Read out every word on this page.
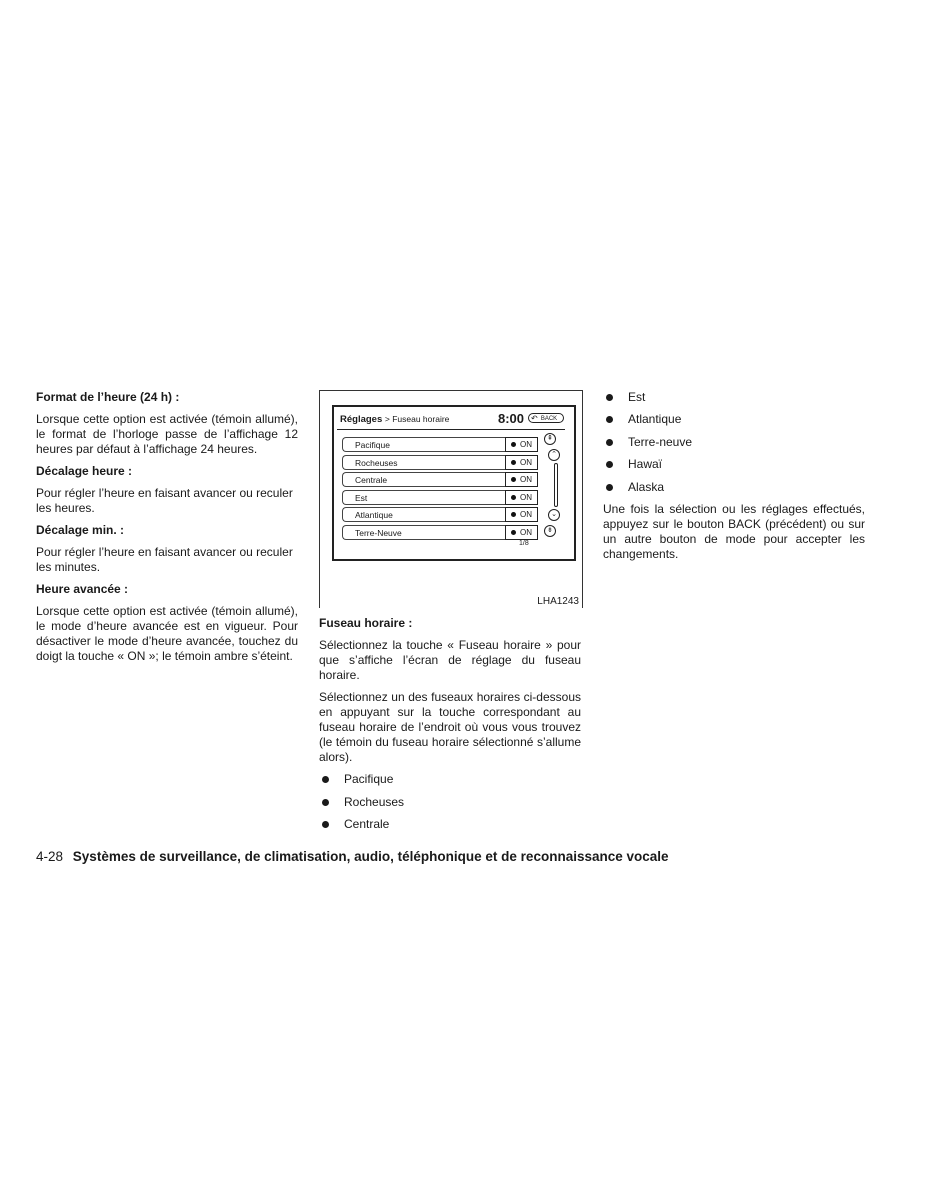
Format de l’heure (24 h) :

Lorsque cette option est activée (témoin allumé), le format de l’horloge passe de l’affichage 12 heures par défaut à l’affichage 24 heures.

Décalage heure :

Pour régler l’heure en faisant avancer ou reculer les heures.

Décalage min. :

Pour régler l’heure en faisant avancer ou reculer les minutes.

Heure avancée :

Lorsque cette option est activée (témoin allumé), le mode d’heure avancée est en vigueur. Pour désactiver le mode d’heure avancée, touchez du doigt la touche « ON »; le témoin ambre s’éteint.

Réglages > Fuseau horaire	8:00 ↶ BACK
Pacifique	ON
Rocheuses	ON
Centrale	ON
Est	ON
Atlantique	ON
Terre-Neuve	ON
1/8
⇞
⌃
⌄
⇟
LHA1243
Fuseau horaire :

Sélectionnez la touche « Fuseau horaire » pour que s’affiche l’écran de réglage du fuseau horaire.

Sélectionnez un des fuseaux horaires ci-dessous en appuyant sur la touche correspondant au fuseau horaire de l’endroit où vous vous trouvez (le témoin du fuseau horaire sélectionné s’allume alors).

Pacifique
Rocheuses
Centrale
Est
Atlantique
Terre-neuve
Hawaï
Alaska

Une fois la sélection ou les réglages effectués, appuyez sur le bouton BACK (précédent) ou sur un autre bouton de mode pour accepter les changements.

4-28 Systèmes de surveillance, de climatisation, audio, téléphonique et de reconnaissance vocale
